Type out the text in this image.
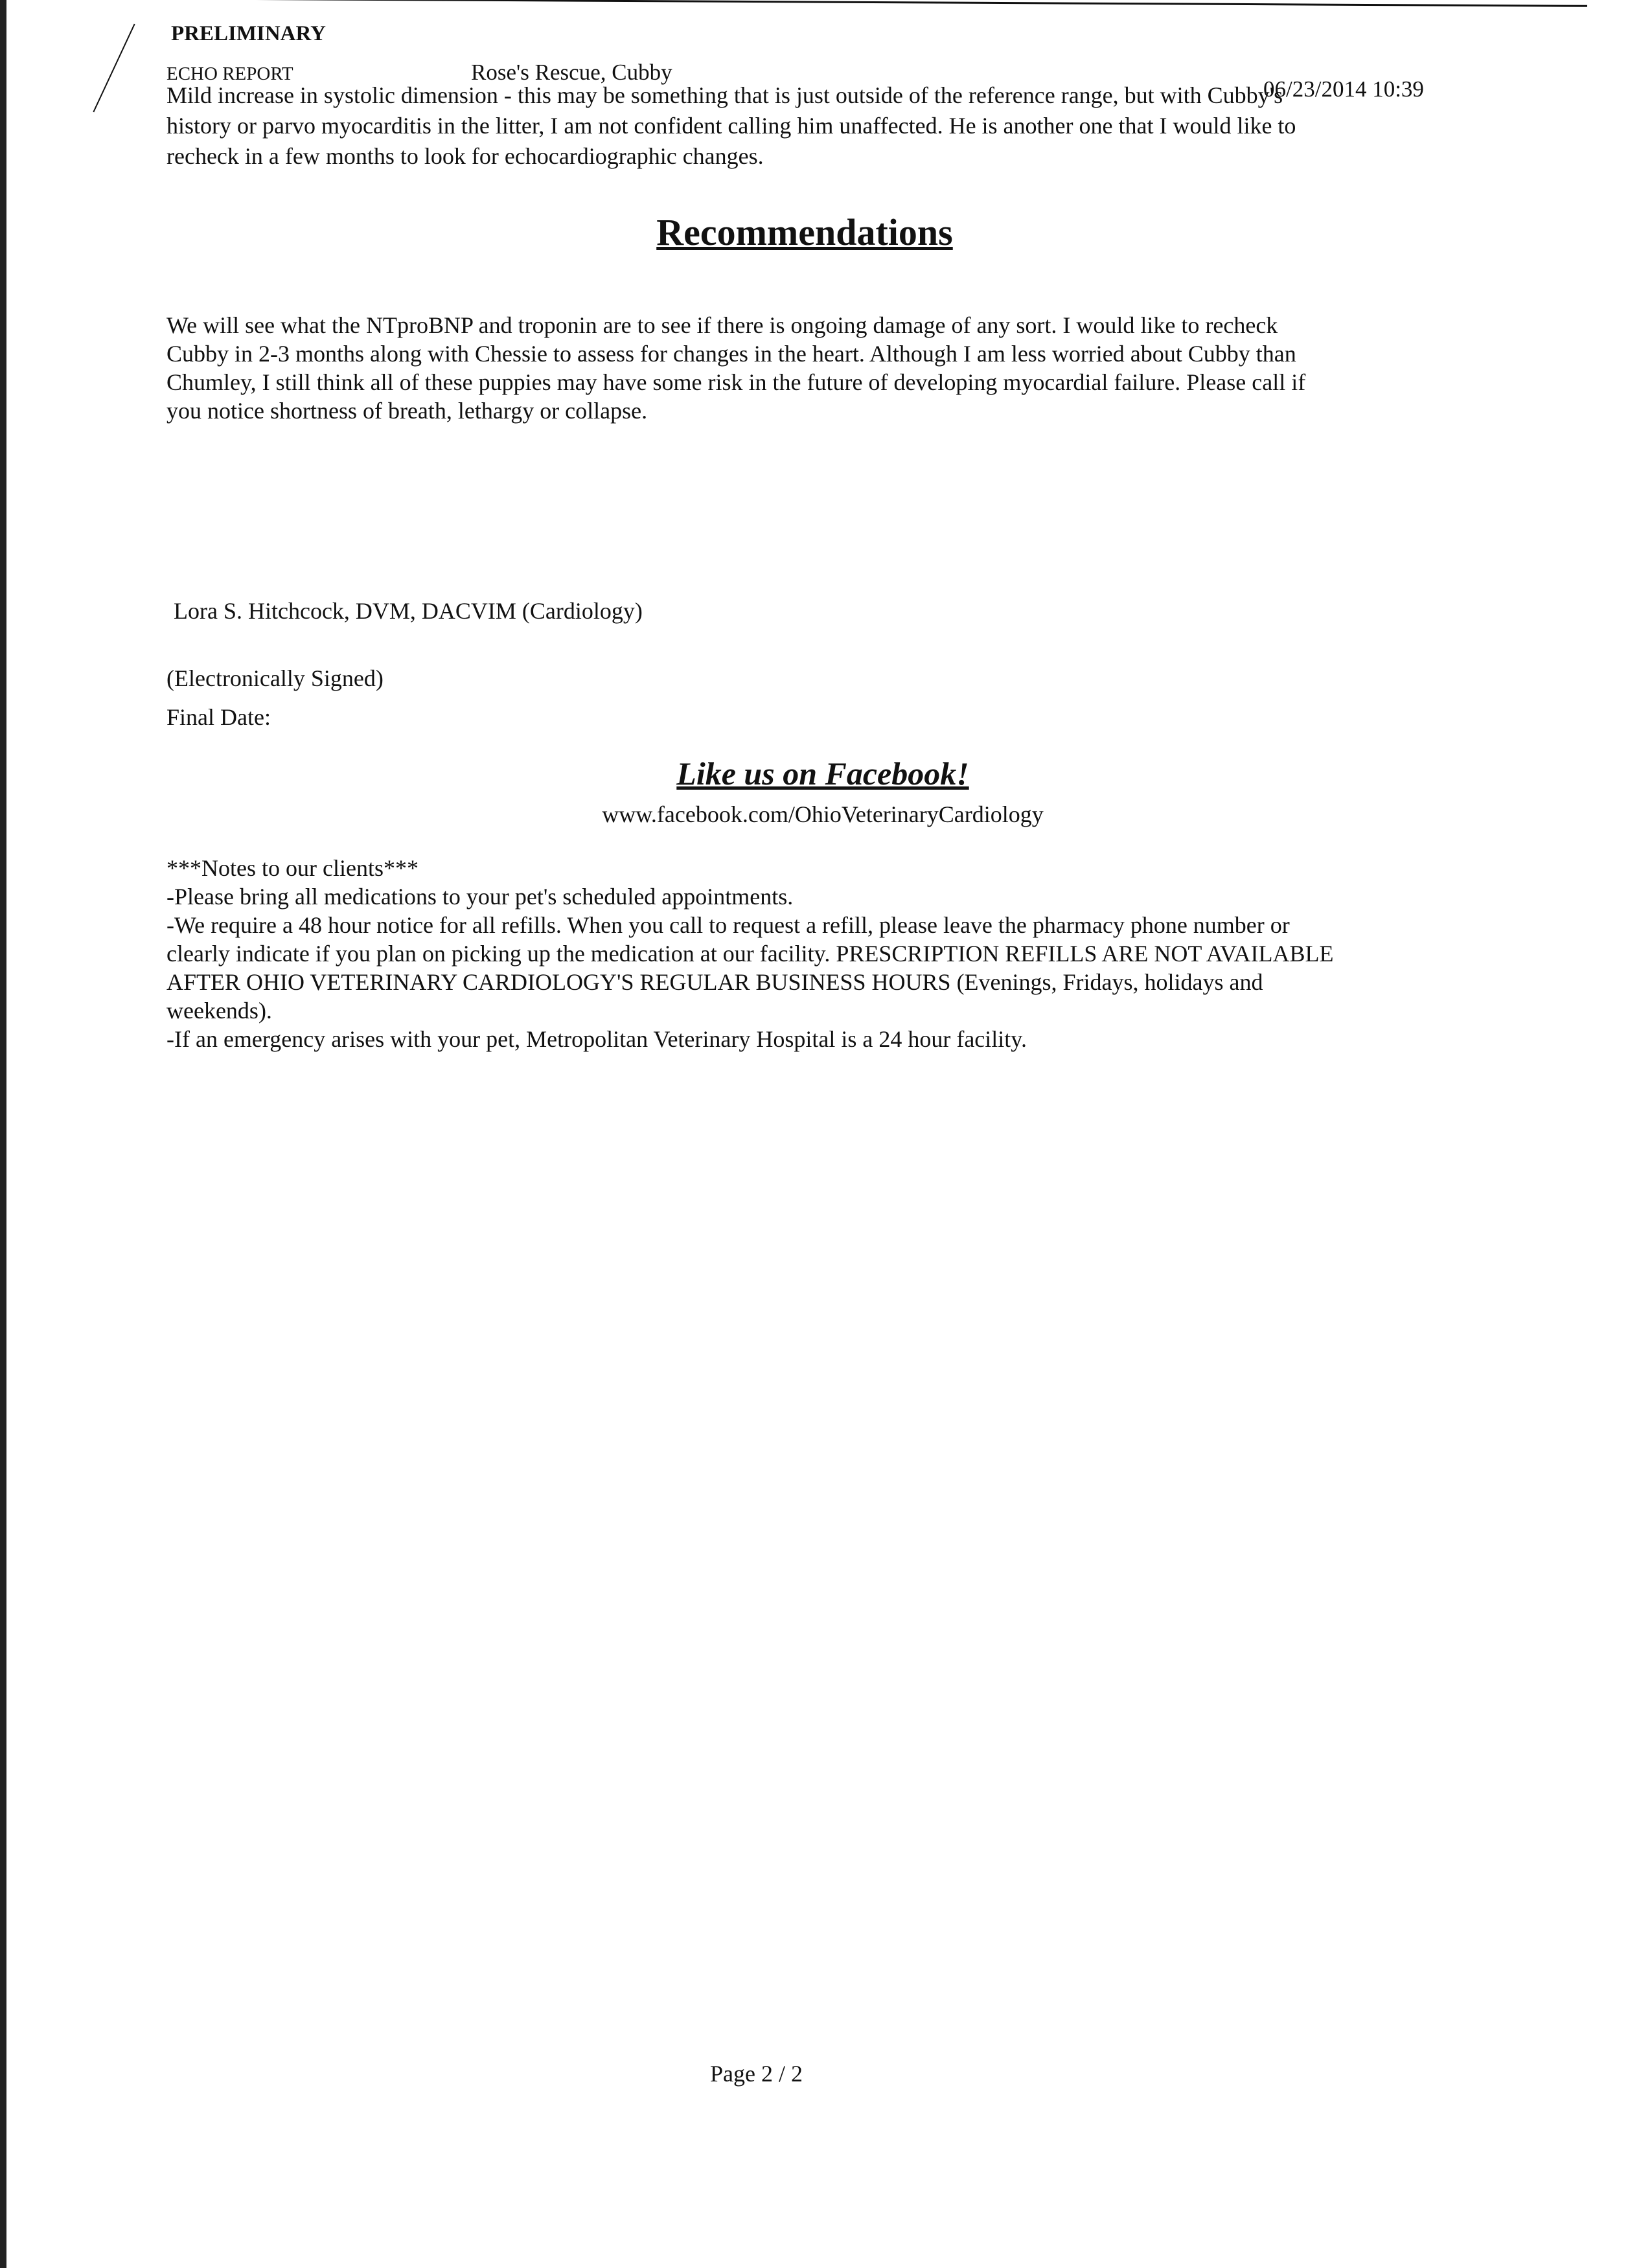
PRELIMINARY
ECHO REPORT	Rose's Rescue, Cubby
06/23/2014 10:39
Mild increase in systolic dimension - this may be something that is just outside of the reference range, but with Cubby's
history or parvo myocarditis in the litter, I am not confident calling him unaffected. He is another one that I would like to
recheck in a few months to look for echocardiographic changes.
Recommendations
We will see what the NTproBNP and troponin are to see if there is ongoing damage of any sort. I would like to recheck
Cubby in 2-3 months along with Chessie to assess for changes in the heart. Although I am less worried about Cubby than
Chumley, I still think all of these puppies may have some risk in the future of developing myocardial failure. Please call if
you notice shortness of breath, lethargy or collapse.
Lora S. Hitchcock, DVM, DACVIM (Cardiology)
(Electronically Signed)
Final Date:
Like us on Facebook!
www.facebook.com/OhioVeterinaryCardiology
***Notes to our clients***
-Please bring all medications to your pet's scheduled appointments.
-We require a 48 hour notice for all refills. When you call to request a refill, please leave the pharmacy phone number or
clearly indicate if you plan on picking up the medication at our facility. PRESCRIPTION REFILLS ARE NOT AVAILABLE
AFTER OHIO VETERINARY CARDIOLOGY'S REGULAR BUSINESS HOURS (Evenings, Fridays, holidays and
weekends).
-If an emergency arises with your pet, Metropolitan Veterinary Hospital is a 24 hour facility.
Page 2 / 2
